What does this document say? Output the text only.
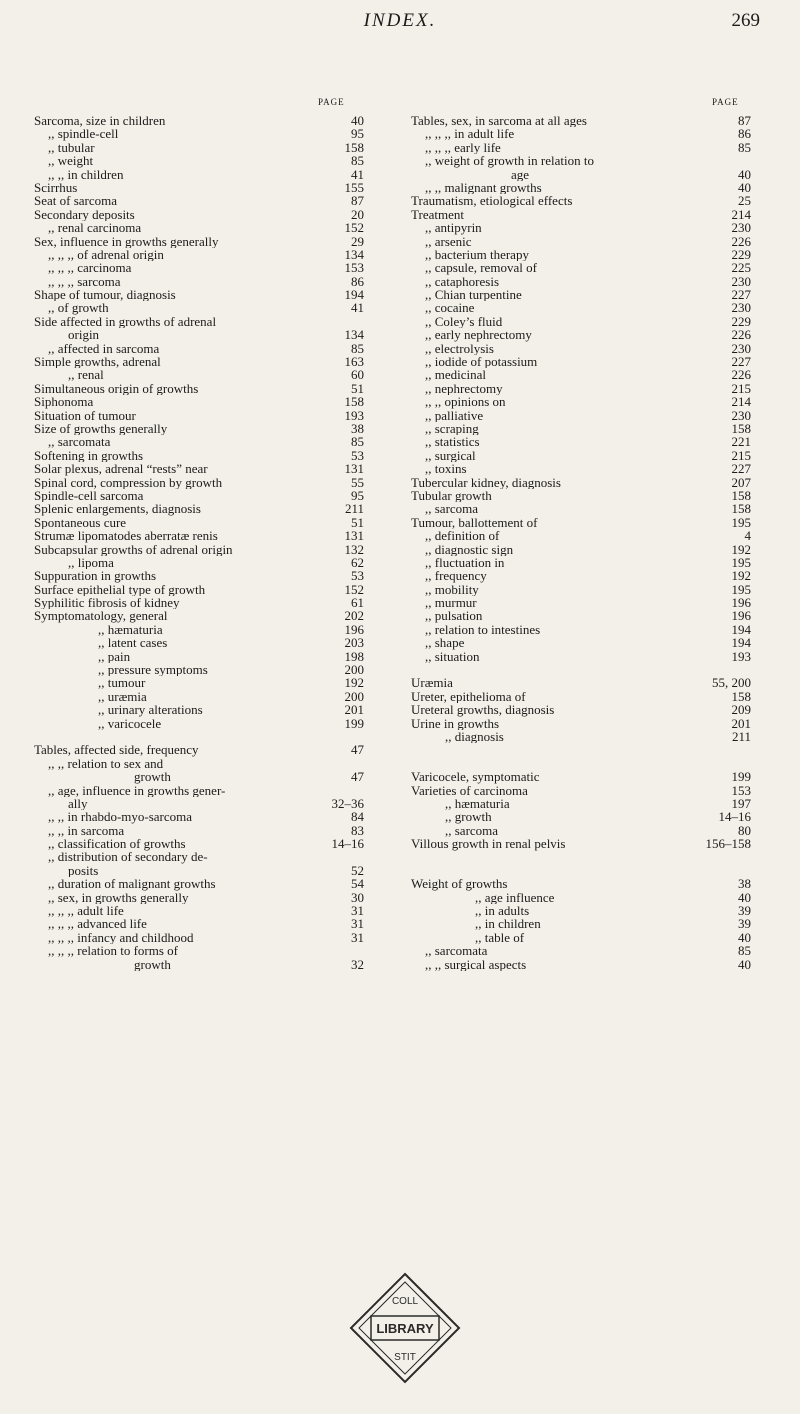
INDEX.	269
PAGE	PAGE
Sarcoma, size in children	40
,, spindle-cell	95
,, tubular	158
,, weight	85
,, ,, in children	41
Scirrhus	155
Seat of sarcoma	87
Secondary deposits	20
,, renal carcinoma	152
Sex, influence in growths generally	29
,, ,, ,, of adrenal origin	134
,, ,, ,, carcinoma	153
,, ,, ,, sarcoma	86
Shape of tumour, diagnosis	194
,, of growth	41
Side affected in growths of adrenal
origin	134
,, affected in sarcoma	85
Simple growths, adrenal	163
,, renal	60
Simultaneous origin of growths	51
Siphonoma	158
Situation of tumour	193
Size of growths generally	38
,, sarcomata	85
Softening in growths	53
Solar plexus, adrenal “rests” near	131
Spinal cord, compression by growth	55
Spindle-cell sarcoma	95
Splenic enlargements, diagnosis	211
Spontaneous cure	51
Strumæ lipomatodes aberratæ renis	131
Subcapsular growths of adrenal origin	132
,, lipoma	62
Suppuration in growths	53
Surface epithelial type of growth	152
Syphilitic fibrosis of kidney	61
Symptomatology, general	202
,, hæmaturia	196
,, latent cases	203
,, pain	198
,, pressure symptoms	200
,, tumour	192
,, uræmia	200
,, urinary alterations	201
,, varicocele	199
Tables, affected side, frequency	47
,, ,, relation to sex and
growth	47
,, age, influence in growths gener-
ally	32–36
,, ,, in rhabdo-myo-sarcoma	84
,, ,, in sarcoma	83
,, classification of growths	14–16
,, distribution of secondary de-
posits	52
,, duration of malignant growths	54
,, sex, in growths generally	30
,, ,, ,, adult life	31
,, ,, ,, advanced life	31
,, ,, ,, infancy and childhood	31
,, ,, ,, relation to forms of
growth	32
Tables, sex, in sarcoma at all ages	87
,, ,, ,, in adult life	86
,, ,, ,, early life	85
,, weight of growth in relation to
age	40
,, ,, malignant growths	40
Traumatism, etiological effects	25
Treatment	214
,, antipyrin	230
,, arsenic	226
,, bacterium therapy	229
,, capsule, removal of	225
,, cataphoresis	230
,, Chian turpentine	227
,, cocaine	230
,, Coley’s fluid	229
,, early nephrectomy	226
,, electrolysis	230
,, iodide of potassium	227
,, medicinal	226
,, nephrectomy	215
,, ,, opinions on	214
,, palliative	230
,, scraping	158
,, statistics	221
,, surgical	215
,, toxins	227
Tubercular kidney, diagnosis	207
Tubular growth	158
,, sarcoma	158
Tumour, ballottement of	195
,, definition of	4
,, diagnostic sign	192
,, fluctuation in	195
,, frequency	192
,, mobility	195
,, murmur	196
,, pulsation	196
,, relation to intestines	194
,, shape	194
,, situation	193
Uræmia	55, 200
Ureter, epithelioma of	158
Ureteral growths, diagnosis	209
Urine in growths	201
,, diagnosis	211
Varicocele, symptomatic	199
Varieties of carcinoma	153
,, hæmaturia	197
,, growth	14–16
,, sarcoma	80
Villous growth in renal pelvis	156–158
Weight of growths	38
,, age influence	40
,, in adults	39
,, in children	39
,, table of	40
,, sarcomata	85
,, ,, surgical aspects	40
LIBRARY
COLL
STIT
